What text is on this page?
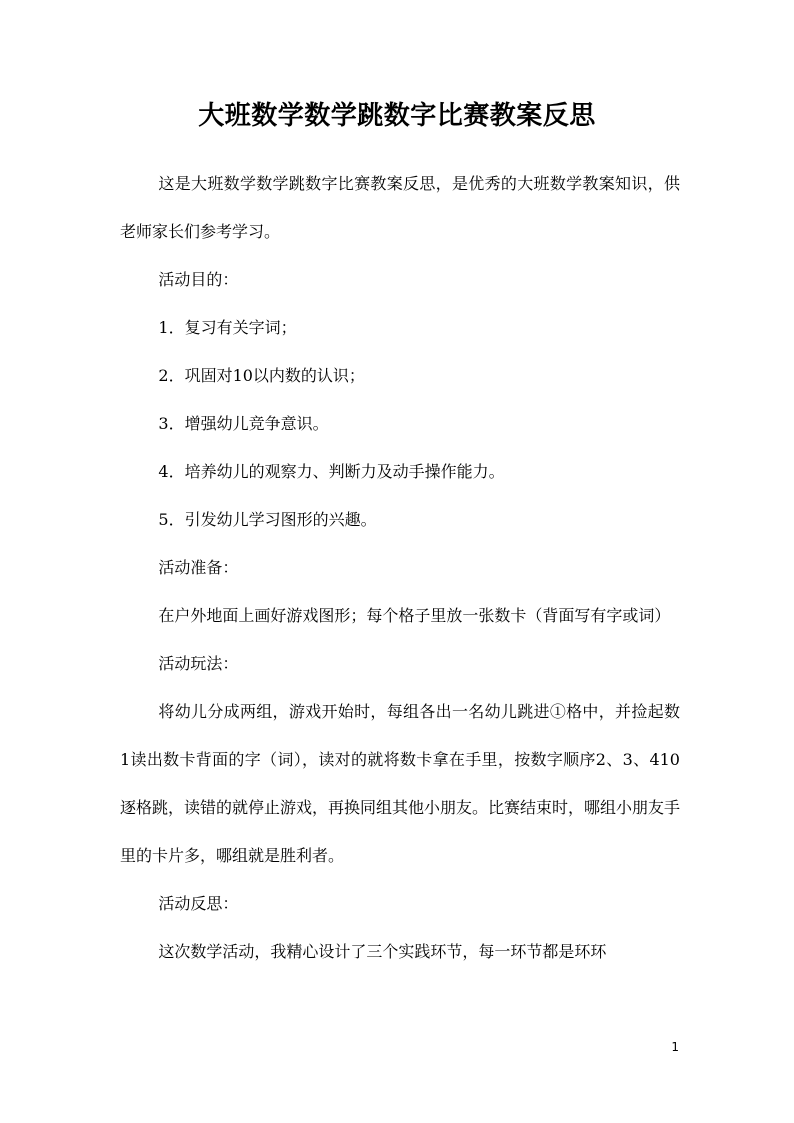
大班数学数学跳数字比赛教案反思

这是大班数学数学跳数字比赛教案反思，是优秀的大班数学教案知识，供老师家长们参考学习。

活动目的：

1．复习有关字词；

2．巩固对10以内数的认识；

3．增强幼儿竞争意识。

4．培养幼儿的观察力、判断力及动手操作能力。

5．引发幼儿学习图形的兴趣。

活动准备：

在户外地面上画好游戏图形；每个格子里放一张数卡（背面写有字或词）

活动玩法：

将幼儿分成两组，游戏开始时，每组各出一名幼儿跳进①格中，并捡起数1读出数卡背面的字（词），读对的就将数卡拿在手里，按数字顺序2、3、410逐格跳，读错的就停止游戏，再换同组其他小朋友。比赛结束时，哪组小朋友手里的卡片多，哪组就是胜利者。

活动反思：

这次数学活动，我精心设计了三个实践环节，每一环节都是环环

1
